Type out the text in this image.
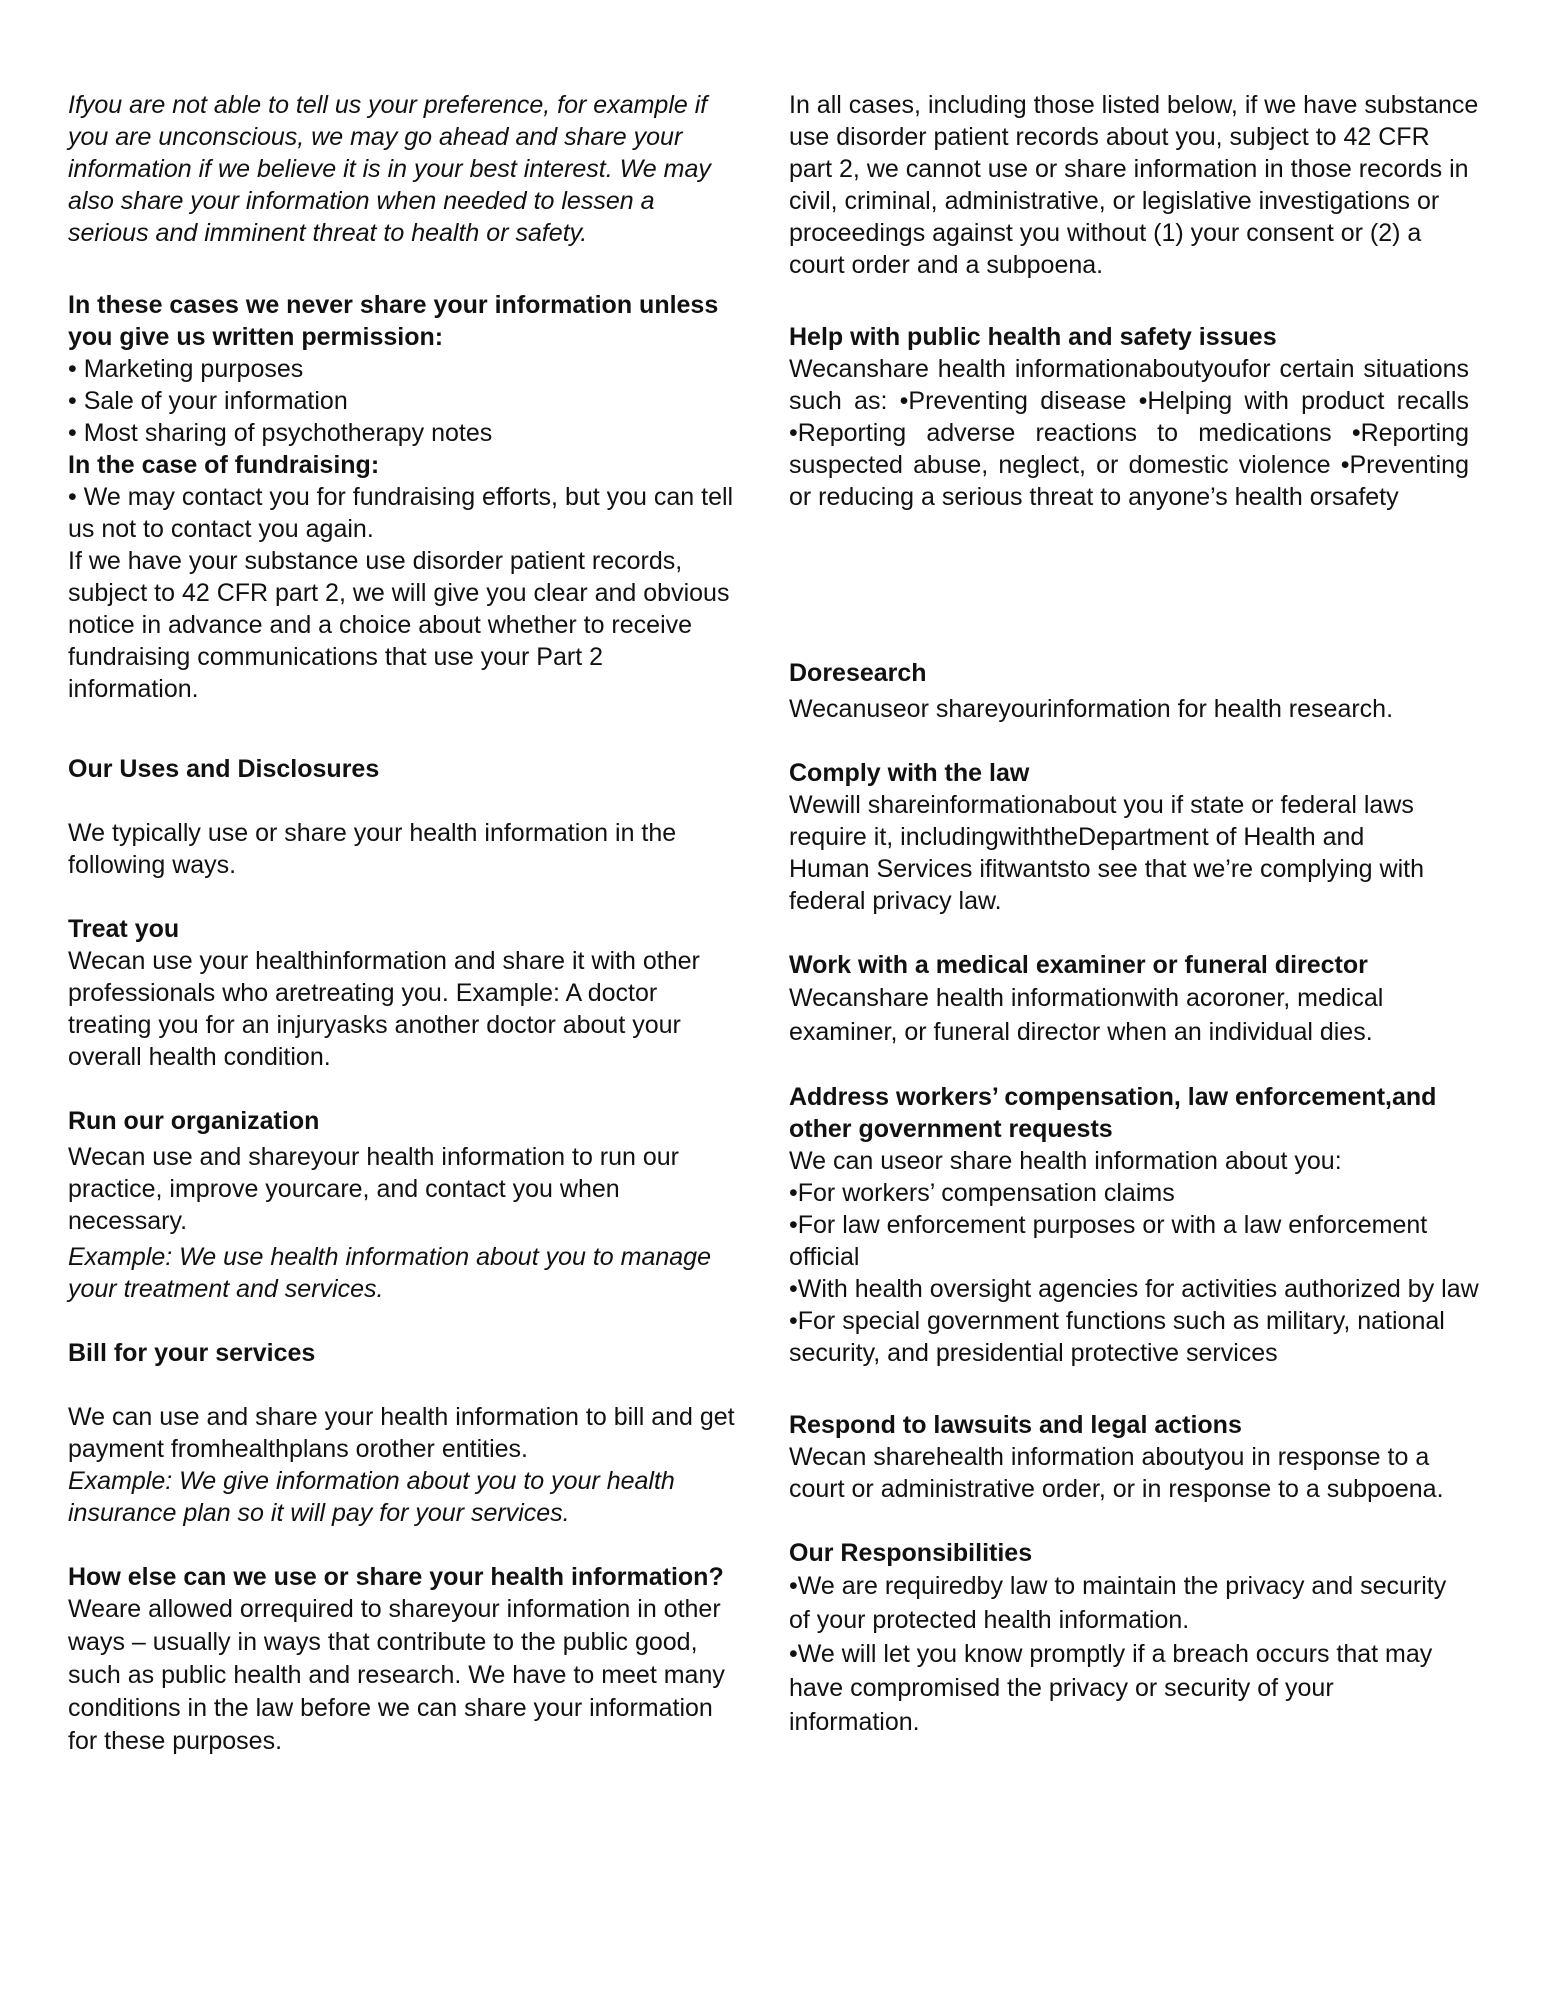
Ifyou are not able to tell us your preference, for example if you are unconscious, we may go ahead and share your information if we believe it is in your best interest. We may also share your information when needed to lessen a serious and imminent threat to health or safety.

In these cases we never share your information unless you give us written permission:

• Marketing purposes

• Sale of your information

• Most sharing of psychotherapy notes

In the case of fundraising:

• We may contact you for fundraising efforts, but you can tell us not to contact you again.

If we have your substance use disorder patient records, subject to 42 CFR part 2, we will give you clear and obvious notice in advance and a choice about whether to receive fundraising communications that use your Part 2 information.

Our Uses and Disclosures

We typically use or share your health information in the following ways.

Treat you

Wecan use your healthinformation and share it with other professionals who aretreating you. Example: A doctor treating you for an injuryasks another doctor about your overall health condition.

Run our organization

Wecan use and shareyour health information to run our practice, improve yourcare, and contact you when necessary.

Example: We use health information about you to manage your treatment and services.

Bill for your services

We can use and share your health information to bill and get payment fromhealthplans orother entities.

Example: We give information about you to your health insurance plan so it will pay for your services.

How else can we use or share your health information?

Weare allowed orrequired to shareyour information in other ways – usually in ways that contribute to the public good, such as public health and research. We have to meet many conditions in the law before we can share your information for these purposes.

In all cases, including those listed below, if we have substance use disorder patient records about you, subject to 42 CFR part 2, we cannot use or share information in those records in civil, criminal, administrative, or legislative investigations or proceedings against you without (1) your consent or (2) a court order and a subpoena.

Help with public health and safety issues

Wecanshare health informationaboutyoufor certain situations such as: •Preventing disease •Helping with product recalls •Reporting adverse reactions to medications •Reporting suspected abuse, neglect, or domestic violence •Preventing or reducing a serious threat to anyone’s health orsafety

Doresearch

Wecanuseor shareyourinformation for health research.

Comply with the law

Wewill shareinformationabout you if state or federal laws require it, includingwiththeDepartment of Health and Human Services ifitwantsto see that we’re complying with federal privacy law.

Work with a medical examiner or funeral director

Wecanshare health informationwith acoroner, medical examiner, or funeral director when an individual dies.

Address workers’ compensation, law enforcement,and other government requests

We can useor share health information about you:

•For workers’ compensation claims

•For law enforcement purposes or with a law enforcement official

•With health oversight agencies for activities authorized by law

•For special government functions such as military, national security, and presidential protective services

Respond to lawsuits and legal actions

Wecan sharehealth information aboutyou in response to a court or administrative order, or in response to a subpoena.

Our Responsibilities

•We are requiredby law to maintain the privacy and security of your protected health information.

•We will let you know promptly if a breach occurs that may have compromised the privacy or security of your information.
